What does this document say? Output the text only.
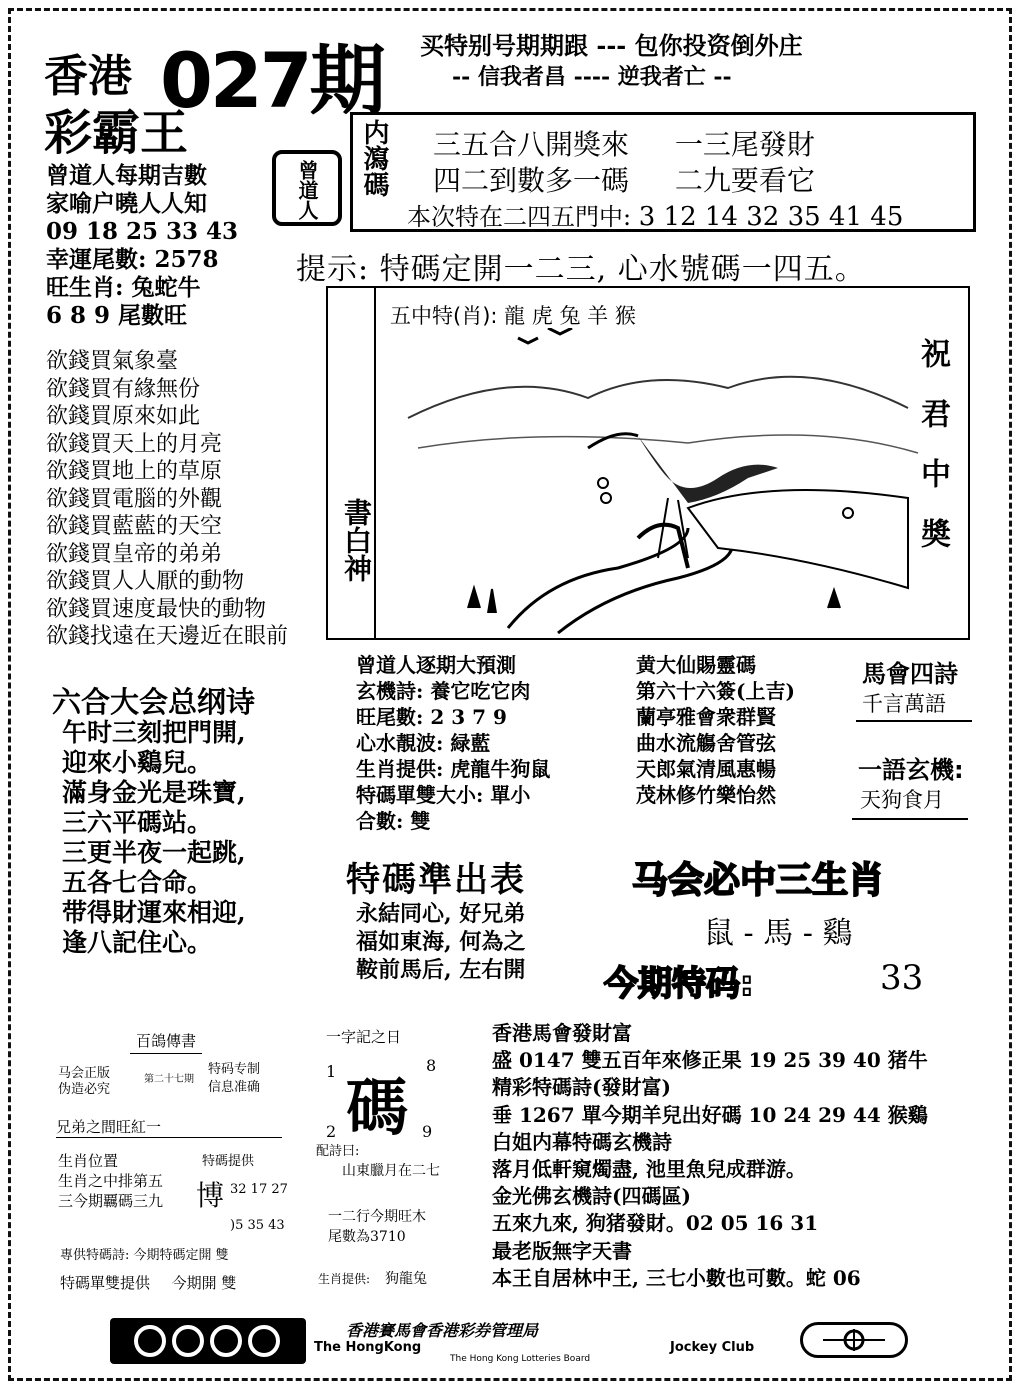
香港 027期
彩霸王
买特别号期期跟 --- 包你投资倒外庄
-- 信我者昌 ---- 逆我者亡 --
曾道人每期吉數
家喻户曉人人知
09 18 25 33 43
幸運尾數: 2578
旺生肖: 兔蛇牛
6 8 9 尾數旺
曾道人 内瀉碼 三五合八開獎來 一三尾發財
四二到數多一碼 二九要看它
本次特在二四五門中: 3 12 14 32 35 41 45
提示: 特碼定開一二三, 心水號碼一四五。
書白神
五中特(肖): 龍 虎 兔 羊 猴
祝君中奬
欲錢買氣象臺
欲錢買有緣無份
欲錢買原來如此
欲錢買天上的月亮
欲錢買地上的草原
欲錢買電腦的外觀
欲錢買藍藍的天空
欲錢買皇帝的弟弟
欲錢買人人厭的動物
欲錢買速度最快的動物
欲錢找遠在天邊近在眼前
六合大会总纲诗
午时三刻把門開,
迎來小鷄兒。
滿身金光是珠寶,
三六平碼站。
三更半夜一起跳,
五各七合命。
带得財運來相迎,
逢八記住心。
曾道人逐期大預測
玄機詩: 養它吃它肉
旺尾數: 2 3 7 9
心水靚波: 緑藍
生肖提供: 虎龍牛狗鼠
特碼單雙大小: 單小
合數: 雙
黄大仙賜靈碼
第六十六簽(上吉)
蘭亭雅會衆群賢
曲水流觴舍管弦
天郎氣清風惠暢
茂林修竹樂怡然
馬會四詩
千言萬語
一語玄機:
天狗食月
特碼準出表
永結同心, 好兄弟
福如東海, 何為之
鞍前馬后, 左右開
马会必中三生肖
鼠 - 馬 - 鷄
今期特码:	33
百鴿傳書
马会正版
伪造必究
第二十七期
特码专制
信息准确
兄弟之間旺紅一
生肖位置
生肖之中排第五
三今期覊碼三九
特碼提供
博 32 17 27
)5 35 43
專供特碼詩: 今期特碼定開 雙
特碼單雙提供 今期開 雙
一字記之日
1	8
碼
2	9
配詩曰:
山東臘月在二七
一二行今期旺木
尾數為3710
生肖提供: 狗龍兔
香港馬會發財富
盛 0147 雙五百年來修正果 19 25 39 40 猪牛
精彩特碼詩(發財富)
垂 1267 單今期羊兒出好碼 10 24 29 44 猴鷄
白姐内幕特碼玄機詩
落月低軒窺燭盡, 池里魚兒成群游。
金光佛玄機詩(四碼區)
五來九來, 狗猪發財。02 05 16 31
最老版無字天書
本王自居林中王, 三七小數也可數。蛇 06
香港賽馬會香港彩券管理局
The HongKong	Jockey Club
The Hong Kong Lotteries Board
